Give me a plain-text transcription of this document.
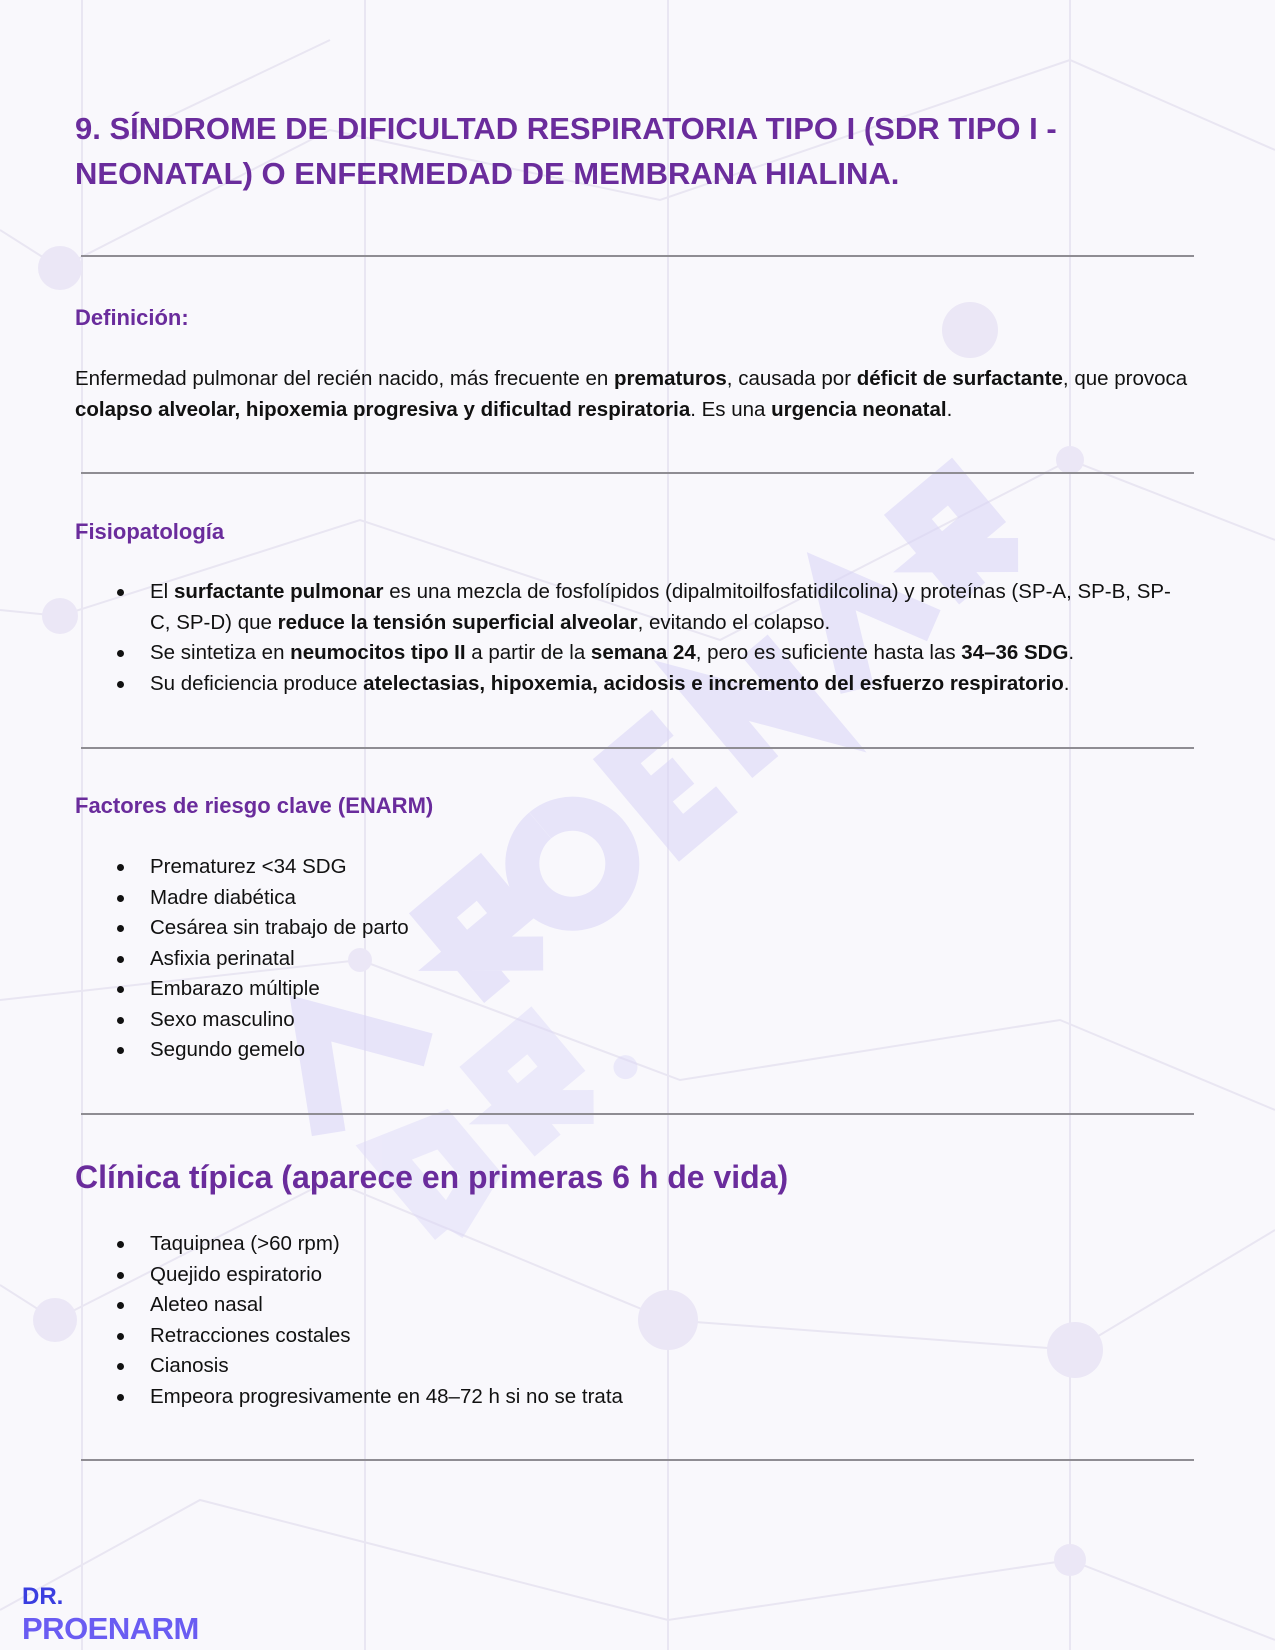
9. SÍNDROME DE DIFICULTAD RESPIRATORIA TIPO I (SDR TIPO I - NEONATAL) O ENFERMEDAD DE MEMBRANA HIALINA.
Definición:

Enfermedad pulmonar del recién nacido, más frecuente en prematuros, causada por déficit de surfactante, que provoca colapso alveolar, hipoxemia progresiva y dificultad respiratoria. Es una urgencia neonatal.

Fisiopatología
El surfactante pulmonar es una mezcla de fosfolípidos (dipalmitoilfosfatidilcolina) y proteínas (SP-A, SP-B, SP-C, SP-D) que reduce la tensión superficial alveolar, evitando el colapso.
Se sintetiza en neumocitos tipo II a partir de la semana 24, pero es suficiente hasta las 34–36 SDG.
Su deficiencia produce atelectasias, hipoxemia, acidosis e incremento del esfuerzo respiratorio.
Factores de riesgo clave (ENARM)
Prematurez <34 SDG
Madre diabética
Cesárea sin trabajo de parto
Asfixia perinatal
Embarazo múltiple
Sexo masculino
Segundo gemelo
Clínica típica (aparece en primeras 6 h de vida)
Taquipnea (>60 rpm)
Quejido espiratorio
Aleteo nasal
Retracciones costales
Cianosis
Empeora progresivamente en 48–72 h si no se trata
DR.
PROENARM
